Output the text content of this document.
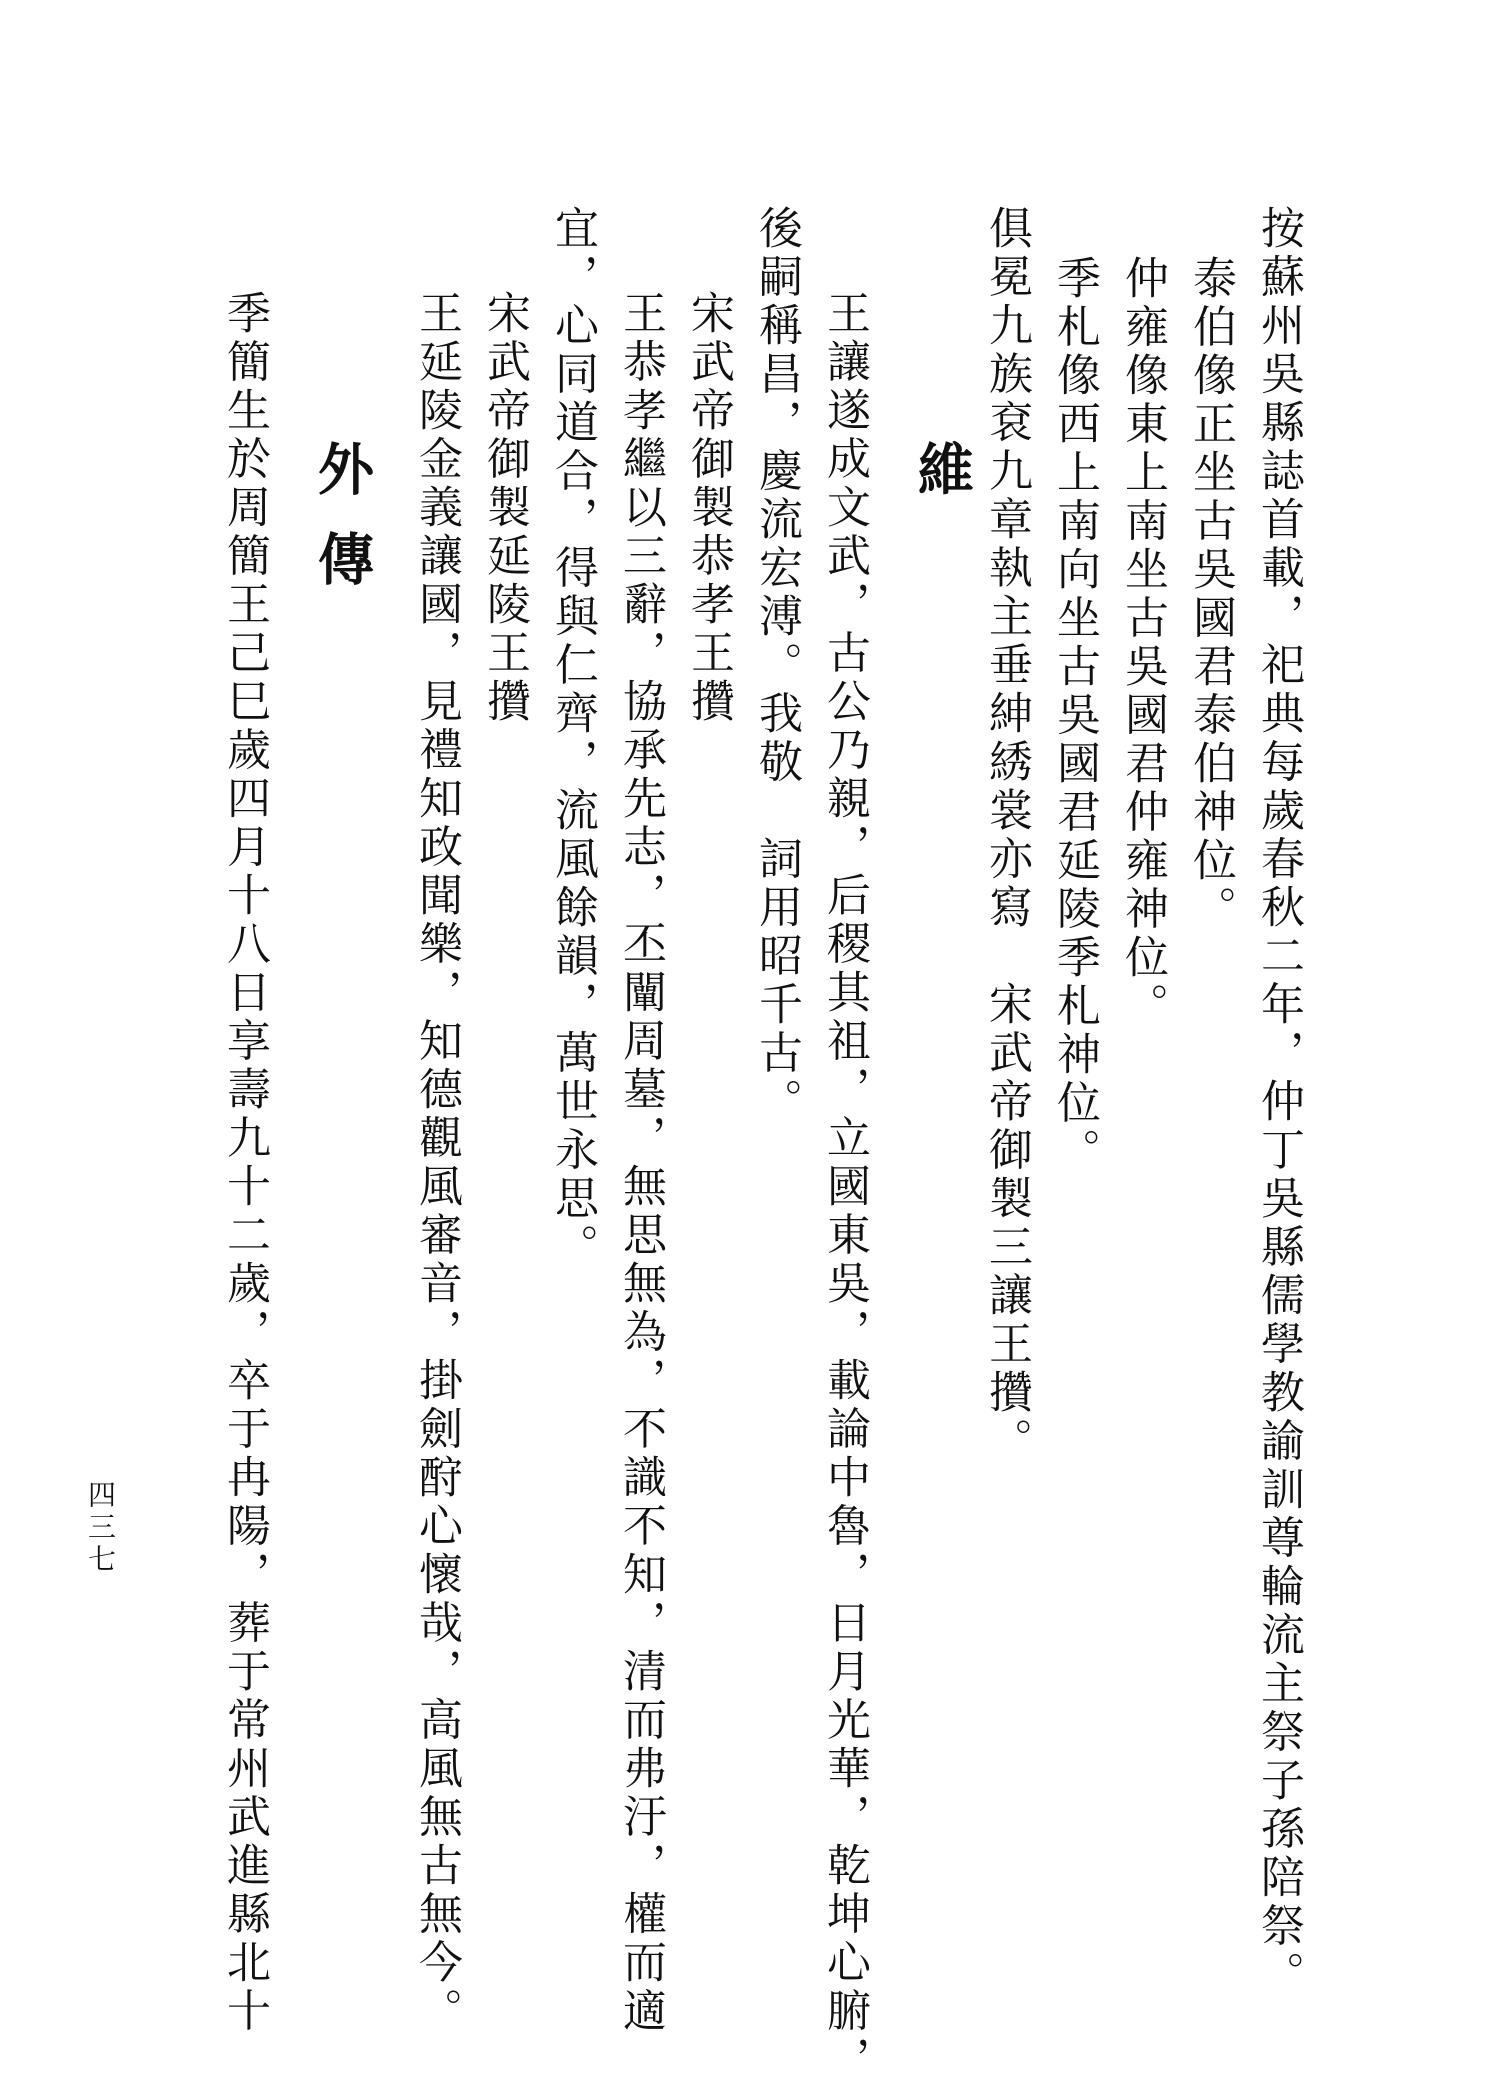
按蘇州吳縣誌首載，祀典每歲春秋二年，仲丁吳縣儒學教諭訓尊輪流主祭子孫陪祭。
泰伯像正坐古吳國君泰伯神位。
仲雍像東上南坐古吳國君仲雍神位。
季札像西上南向坐古吳國君延陵季札神位。
俱冕九族袞九章執主垂紳綉裳亦寫　宋武帝御製三讓王攢。
維
王讓遂成文武，古公乃親，后稷其祖，立國東吳，載論中魯，日月光華，乾坤心腑，
後嗣稱昌，慶流宏溥。我敬　詞用昭千古。
宋武帝御製恭孝王攢
王恭孝繼以三辭，協承先志，丕闡周墓，無思無為，不識不知，清而弗汙，權而適
宜，心同道合，得與仁齊，流風餘韻，萬世永思。
宋武帝御製延陵王攢
王延陵金義讓國，見禮知政聞樂，知德觀風審音，掛劍酧心懷哉，高風無古無今。
外傳
季簡生於周簡王己巳歲四月十八日享壽九十二歲，卒于冉陽，葬于常州武進縣北十
四三七
